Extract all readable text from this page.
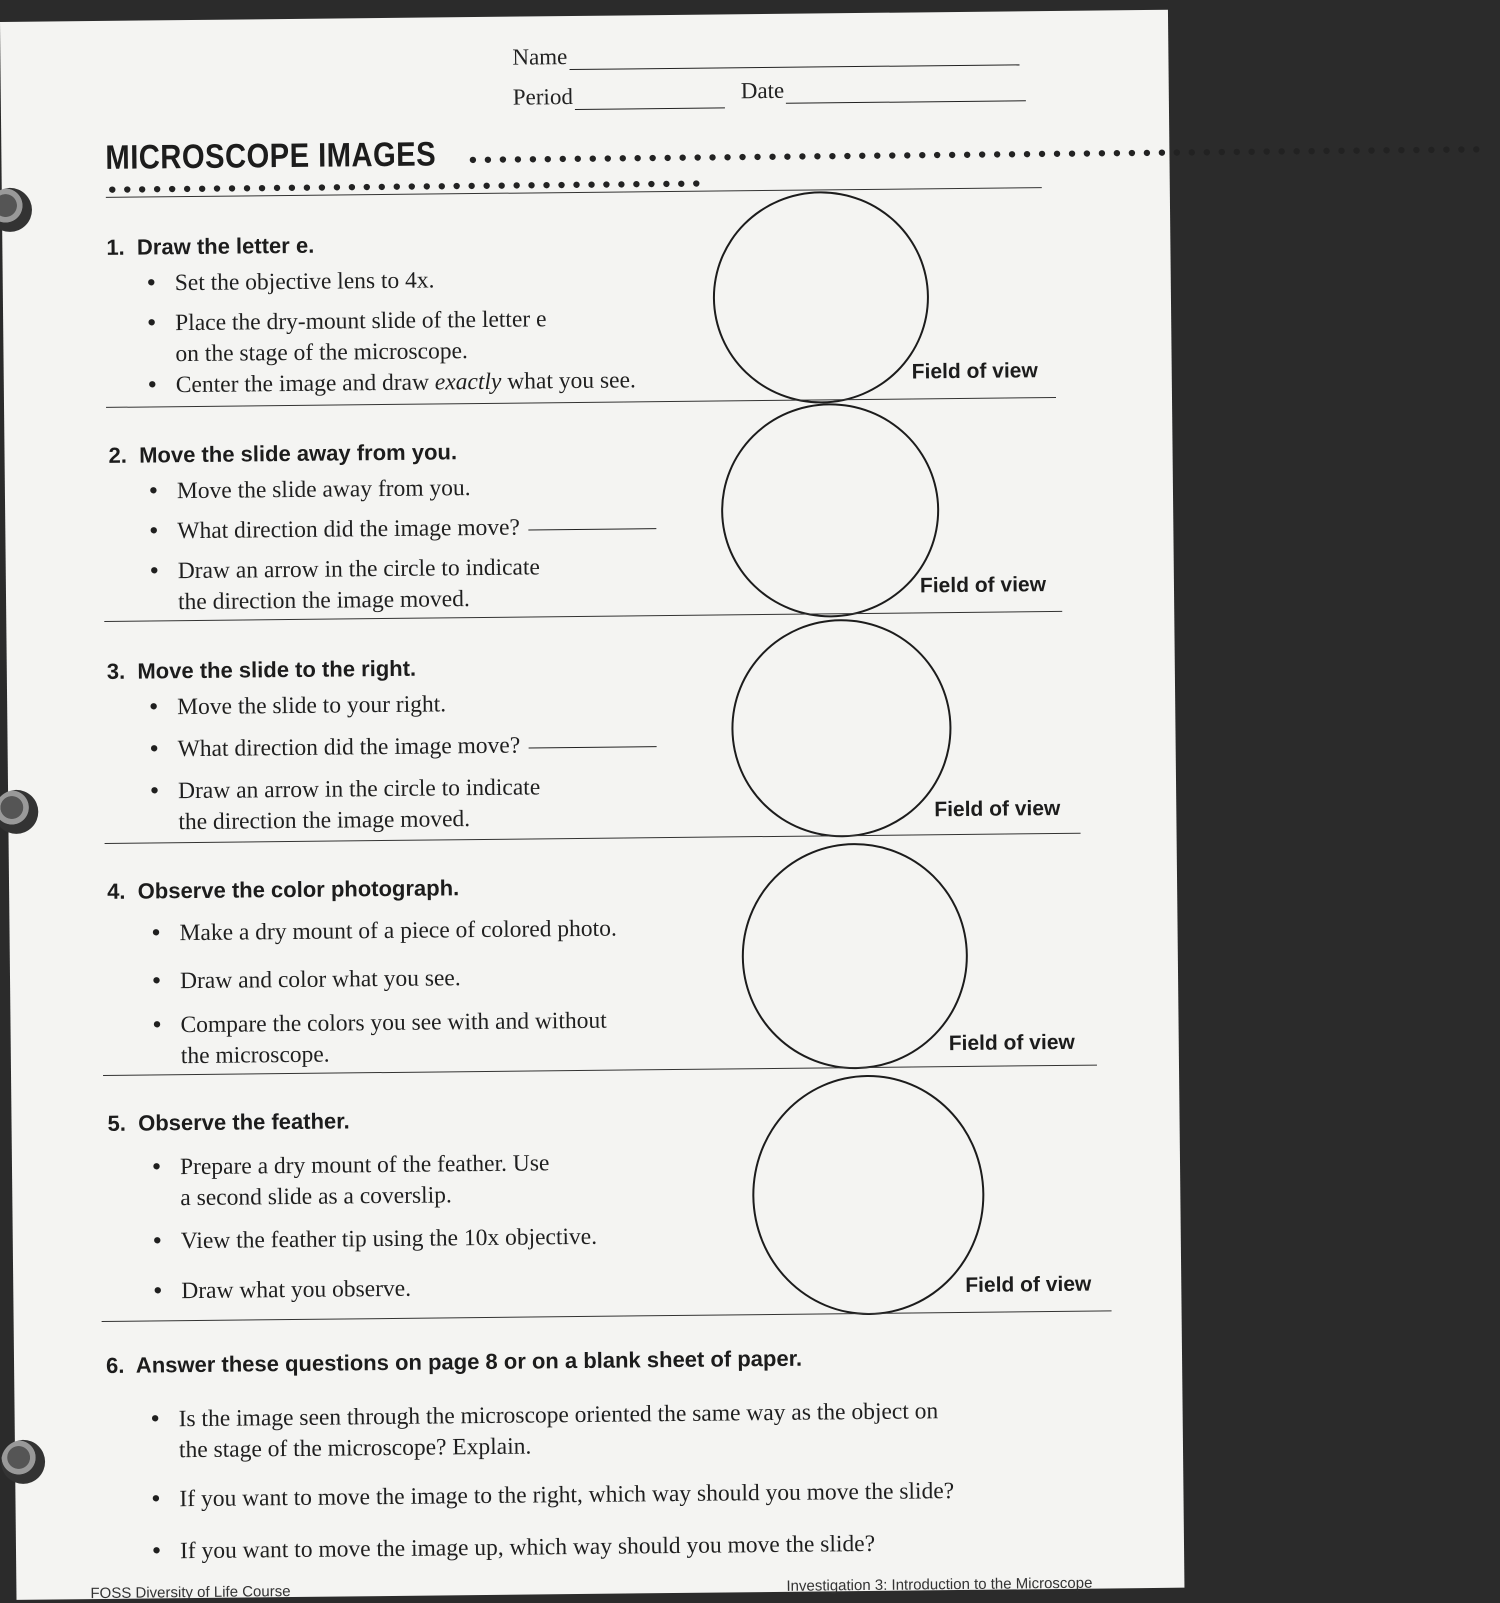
Name
Period	Date
MICROSCOPE IMAGES ••••••••••••••••••••••••••••••••••••••••••••••••••••••••••••••••••••
••••••••••••••••••••••••••••••••••••••••
1. Draw the letter e.
• Set the objective lens to 4x.
• Place the dry-mount slide of the letter e
on the stage of the microscope.
• Center the image and draw exactly what you see.	Field of view
2. Move the slide away from you.
• Move the slide away from you.
• What direction did the image move?
• Draw an arrow in the circle to indicate
the direction the image moved.
Field of view
3. Move the slide to the right.
• Move the slide to your right.
• What direction did the image move?
• Draw an arrow in the circle to indicate
the direction the image moved.	Field of view
4. Observe the color photograph.
• Make a dry mount of a piece of colored photo.
• Draw and color what you see.
• Compare the colors you see with and without
the microscope.	Field of view
5. Observe the feather.
• Prepare a dry mount of the feather. Use
a second slide as a coverslip.
• View the feather tip using the 10x objective.
• Draw what you observe.	Field of view
6. Answer these questions on page 8 or on a blank sheet of paper.
• Is the image seen through the microscope oriented the same way as the object on
the stage of the microscope? Explain.
• If you want to move the image to the right, which way should you move the slide?
• If you want to move the image up, which way should you move the slide?
FOSS Diversity of Life Course	Investigation 3: Introduction to the Microscope
